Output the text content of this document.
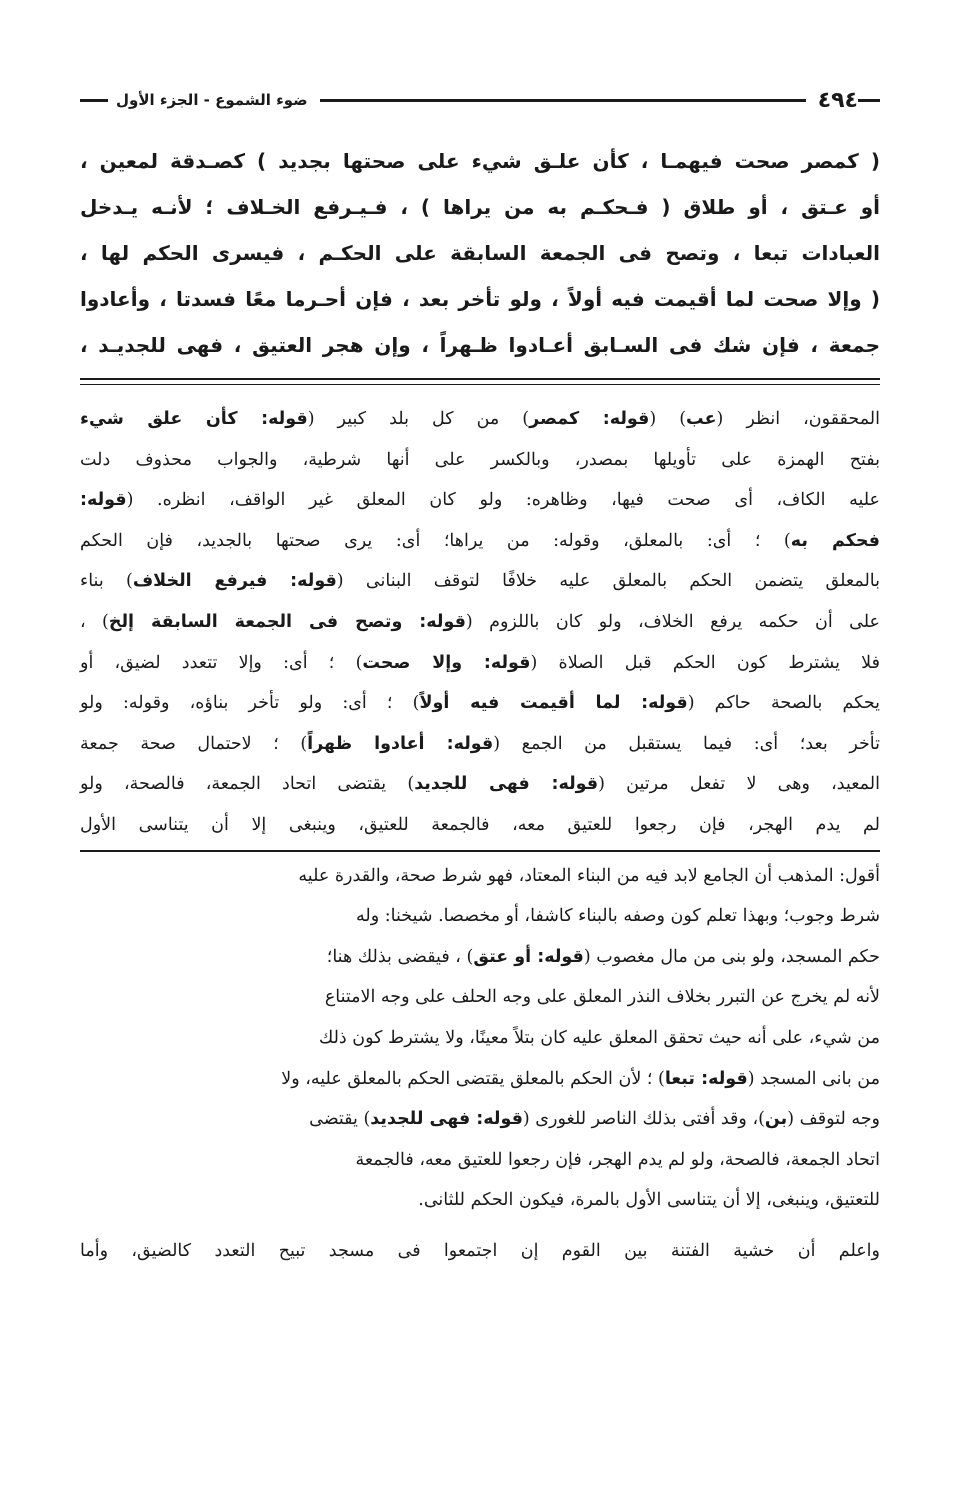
٤٩٤
ضوء الشموع - الجزء الأول

( كمصر صحت فيهمـا ، كأن علـق شيء على صحتها بجديد ) كصـدقة لمعين ،

أو عـتق ، أو طلاق ( فـحكـم به من يراها ) ، فـيـرفع الخـلاف ؛ لأنـه يـدخل

العبادات تبعا ، وتصح فى الجمعة السابقة على الحكـم ، فيسرى الحكم لها ،

( وإلا صحت لما أقيمت فيه أولاً ، ولو تأخر بعد ، فإن أحـرما معًا فسدتا ، وأعادوا

جمعة ، فإن شك فى السـابق أعـادوا ظـهراً ، وإن هجر العتيق ، فهى للجديـد ،

المحققون، انظر (عب) (قوله: كمصر) من كل بلد كبير (قوله: كأن علق شيء

بفتح الهمزة على تأويلها بمصدر، وبالكسر على أنها شرطية، والجواب محذوف دلت

عليه الكاف، أى صحت فيها، وظاهره: ولو كان المعلق غير الواقف، انظره. (قوله:

فحكم به) ؛ أى: بالمعلق، وقوله: من يراها؛ أى: يرى صحتها بالجديد، فإن الحكم

بالمعلق يتضمن الحكم بالمعلق عليه خلافًا لتوقف البنانى (قوله: فيرفع الخلاف) بناء

على أن حكمه يرفع الخلاف، ولو كان باللزوم (قوله: وتصح فى الجمعة السابقة إلخ) ،

فلا يشترط كون الحكم قبل الصلاة (قوله: وإلا صحت) ؛ أى: وإلا تتعدد لضيق، أو

يحكم بالصحة حاكم (قوله: لما أقيمت فيه أولاً) ؛ أى: ولو تأخر بناؤه، وقوله: ولو

تأخر بعد؛ أى: فيما يستقبل من الجمع (قوله: أعادوا ظهراً) ؛ لاحتمال صحة جمعة

المعيد، وهى لا تفعل مرتين (قوله: فهى للجديد) يقتضى اتحاد الجمعة، فالصحة، ولو

لم يدم الهجر، فإن رجعوا للعتيق معه، فالجمعة للعتيق، وينبغى إلا أن يتناسى الأول

أقول: المذهب أن الجامع لابد فيه من البناء المعتاد، فهو شرط صحة، والقدرة عليه

شرط وجوب؛ وبهذا تعلم كون وصفه بالبناء كاشفا، أو مخصصا. شيخنا: وله

حكم المسجد، ولو بنى من مال مغصوب (قوله: أو عتق) ، فيقضى بذلك هنا؛

لأنه لم يخرج عن التبرر بخلاف النذر المعلق على وجه الحلف على وجه الامتناع

من شيء، على أنه حيث تحقق المعلق عليه كان بتلاً معينًا، ولا يشترط كون ذلك

من بانى المسجد (قوله: تبعا) ؛ لأن الحكم بالمعلق يقتضى الحكم بالمعلق عليه، ولا

وجه لتوقف (بن)، وقد أفتى بذلك الناصر للغورى (قوله: فهى للجديد) يقتضى

اتحاد الجمعة، فالصحة، ولو لم يدم الهجر، فإن رجعوا للعتيق معه، فالجمعة

للتعتيق، وينبغى، إلا أن يتناسى الأول بالمرة، فيكون الحكم للثانى.

واعلم أن خشية الفتنة بين القوم إن اجتمعوا فى مسجد تبيح التعدد كالضيق، وأما
